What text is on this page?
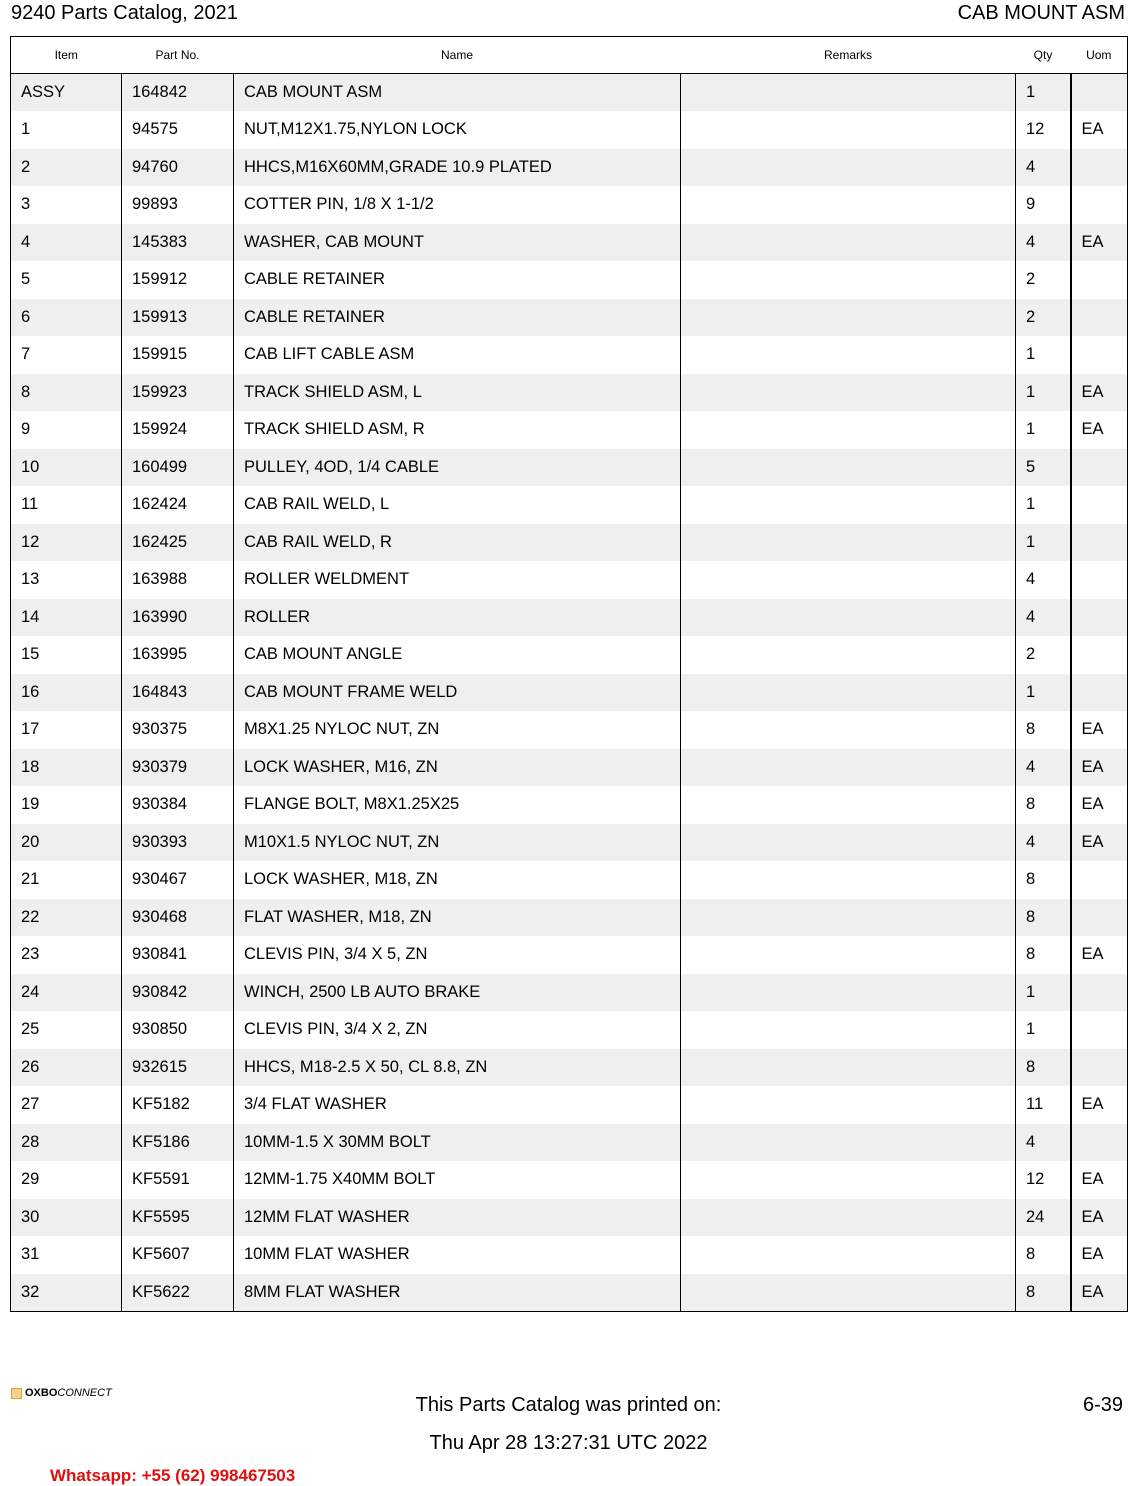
9240 Parts Catalog, 2021	CAB MOUNT ASM
Item	Part No.	Name	Remarks	Qty	Uom
ASSY	164842	CAB MOUNT ASM		1	
1	94575	NUT,M12X1.75,NYLON LOCK		12	EA
2	94760	HHCS,M16X60MM,GRADE 10.9 PLATED		4	
3	99893	COTTER PIN, 1/8 X 1-1/2		9	
4	145383	WASHER, CAB MOUNT		4	EA
5	159912	CABLE RETAINER		2	
6	159913	CABLE RETAINER		2	
7	159915	CAB LIFT CABLE ASM		1	
8	159923	TRACK SHIELD ASM, L		1	EA
9	159924	TRACK SHIELD ASM, R		1	EA
10	160499	PULLEY, 4OD, 1/4 CABLE		5	
11	162424	CAB RAIL WELD, L		1	
12	162425	CAB RAIL WELD, R		1	
13	163988	ROLLER WELDMENT		4	
14	163990	ROLLER		4	
15	163995	CAB MOUNT ANGLE		2	
16	164843	CAB MOUNT FRAME WELD		1	
17	930375	M8X1.25 NYLOC NUT, ZN		8	EA
18	930379	LOCK WASHER, M16, ZN		4	EA
19	930384	FLANGE BOLT, M8X1.25X25		8	EA
20	930393	M10X1.5 NYLOC NUT, ZN		4	EA
21	930467	LOCK WASHER, M18, ZN		8	
22	930468	FLAT WASHER, M18, ZN		8	
23	930841	CLEVIS PIN, 3/4 X 5, ZN		8	EA
24	930842	WINCH, 2500 LB AUTO BRAKE		1	
25	930850	CLEVIS PIN, 3/4 X 2, ZN		1	
26	932615	HHCS, M18-2.5 X 50, CL 8.8, ZN		8	
27	KF5182	3/4 FLAT WASHER		11	EA
28	KF5186	10MM-1.5 X 30MM BOLT		4	
29	KF5591	12MM-1.75 X40MM BOLT		12	EA
30	KF5595	12MM FLAT WASHER		24	EA
31	KF5607	10MM FLAT WASHER		8	EA
32	KF5622	8MM FLAT WASHER		8	EA
OXBO CONNECT
This Parts Catalog was printed on:
Thu Apr 28 13:27:31 UTC 2022
6-39
Whatsapp: +55 (62) 998467503
